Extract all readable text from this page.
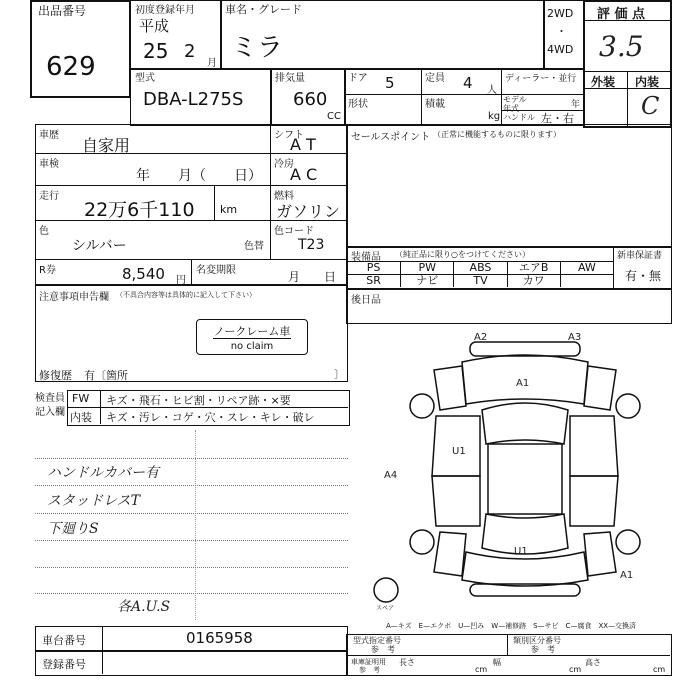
出品番号
629
初度登録年月
平成
25 2
月
車名・グレード
ミラ
2WD
・
4WD
評 価 点
3.5
外装 内装
C
型式
DBA-L275S
排気量
660
CC
ドア 5	定員 4 人
ディーラー・並行
モデル 年式	年
形状	積載
kg ハンドル 左・右
車歴
自家用
シフト
A T
車検
年　　月（　　日）
冷房
A C
走行
22万6千110 km
燃料
ガソリン
色
シルバー	色替
色コード
T23
R券	8,540 円
名変期限	月　　日
注意事項申告欄 （不具合内容等は具体的に記入して下さい）
ノークレーム車
no claim
修復歴 有〔箇所	〕
セールスポイント （正常に機能するものに限ります）
装備品 （純正品に限り○をつけてください）	新車保証書
有・無
PS	PW	ABS	エアB	AW
SR	ナビ	TV	カワ
後日品
検査員 記入欄
FW キズ・飛石・ヒビ割・リペア跡・×要
内装 キズ・汚レ・コゲ・穴・スレ・キレ・破レ
ハンドルカバー有
スタッドレスT
下廻りS
各A.U.S
A2	A3
A1
U1
A4
U1
A1
スペア
A—キズ　E—エクボ　U—凹み　W—補修跡　S—サビ　C—腐食　XX—交換済
車台番号	0165958
登録番号
型式指定番号
参　考
類別区分番号
参　考
車庫証明用
参　考
長さ
cm
幅
cm
高さ
cm
